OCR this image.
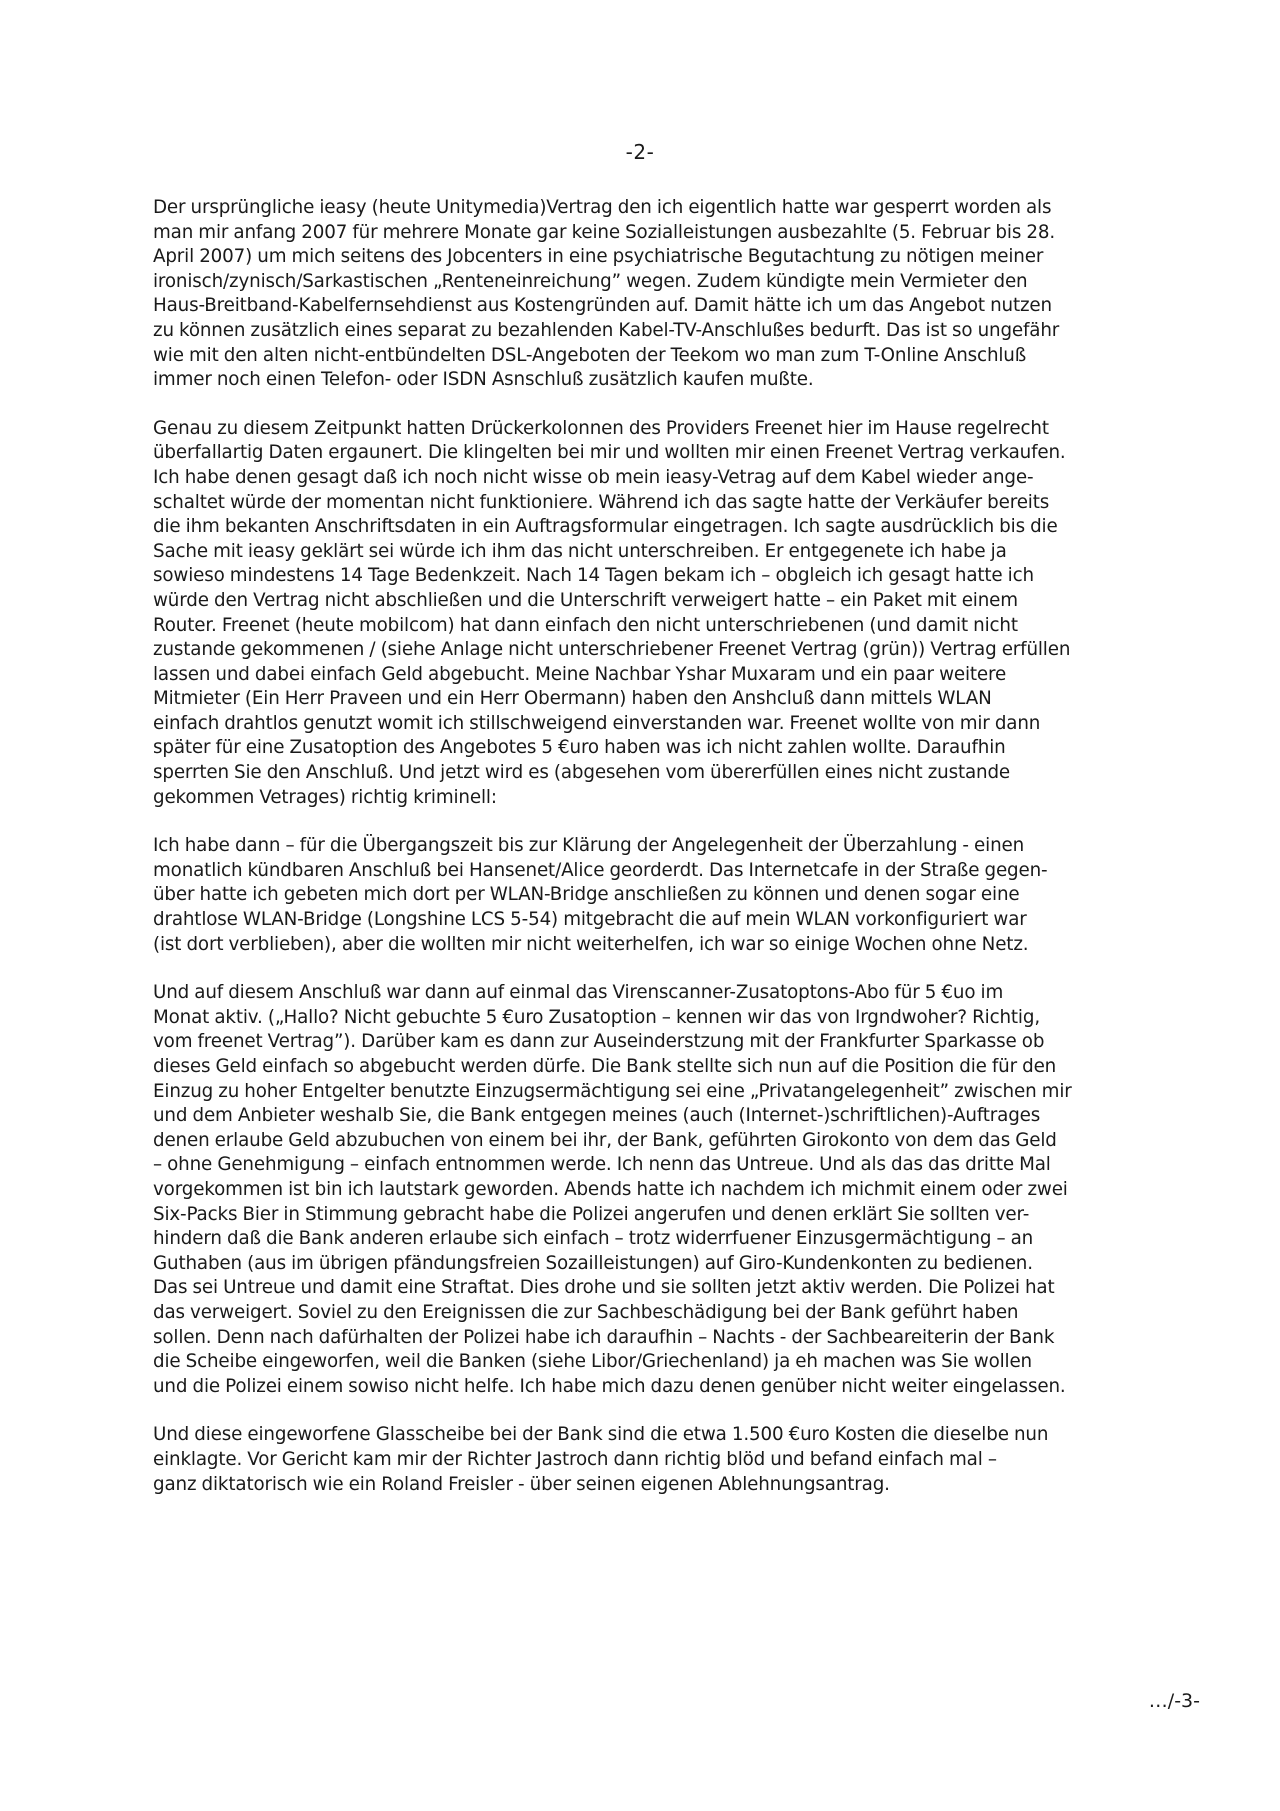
-2-

Der ursprüngliche ieasy (heute Unitymedia)Vertrag den ich eigentlich hatte war gesperrt worden als
man mir anfang 2007 für mehrere Monate gar keine Sozialleistungen ausbezahlte (5. Februar bis 28.
April 2007) um mich seitens des Jobcenters in eine psychiatrische Begutachtung zu nötigen meiner
ironisch/zynisch/Sarkastischen „Renteneinreichung” wegen. Zudem kündigte mein Vermieter den
Haus-Breitband-Kabelfernsehdienst aus Kostengründen auf. Damit hätte ich um das Angebot nutzen
zu können zusätzlich eines separat zu bezahlenden Kabel-TV-Anschlußes bedurft. Das ist so ungefähr
wie mit den alten nicht-entbündelten DSL-Angeboten der Teekom wo man zum T-Online Anschluß
immer noch einen Telefon- oder ISDN Asnschluß zusätzlich kaufen mußte.

Genau zu diesem Zeitpunkt hatten Drückerkolonnen des Providers Freenet hier im Hause regelrecht
überfallartig Daten ergaunert. Die klingelten bei mir und wollten mir einen Freenet Vertrag verkaufen.
Ich habe denen gesagt daß ich noch nicht wisse ob mein ieasy-Vetrag auf dem Kabel wieder ange-
schaltet würde der momentan nicht funktioniere. Während ich das sagte hatte der Verkäufer bereits
die ihm bekanten Anschriftsdaten in ein Auftragsformular eingetragen. Ich sagte ausdrücklich bis die
Sache mit ieasy geklärt sei würde ich ihm das nicht unterschreiben. Er entgegenete ich habe ja
sowieso mindestens 14 Tage Bedenkzeit. Nach 14 Tagen bekam ich – obgleich ich gesagt hatte ich
würde den Vertrag nicht abschließen und die Unterschrift verweigert hatte – ein Paket mit einem
Router. Freenet (heute mobilcom) hat dann einfach den nicht unterschriebenen (und damit nicht
zustande gekommenen / (siehe Anlage nicht unterschriebener Freenet Vertrag (grün)) Vertrag erfüllen
lassen und dabei einfach Geld abgebucht. Meine Nachbar Yshar Muxaram und ein paar weitere
Mitmieter (Ein Herr Praveen und ein Herr Obermann) haben den Anshcluß dann mittels WLAN
einfach drahtlos genutzt womit ich stillschweigend einverstanden war. Freenet wollte von mir dann
später für eine Zusatoption des Angebotes 5 €uro haben was ich nicht zahlen wollte. Daraufhin
sperrten Sie den Anschluß. Und jetzt wird es (abgesehen vom übererfüllen eines nicht zustande
gekommen Vetrages) richtig kriminell:

Ich habe dann – für die Übergangszeit bis zur Klärung der Angelegenheit der Überzahlung - einen
monatlich kündbaren Anschluß bei Hansenet/Alice georderdt. Das Internetcafe in der Straße gegen-
über hatte ich gebeten mich dort per WLAN-Bridge anschließen zu können und denen sogar eine
drahtlose WLAN-Bridge (Longshine LCS 5-54) mitgebracht die auf mein WLAN vorkonfiguriert war
(ist dort verblieben), aber die wollten mir nicht weiterhelfen, ich war so einige Wochen ohne Netz.

Und auf diesem Anschluß war dann auf einmal das Virenscanner-Zusatoptons-Abo für 5 €uo im
Monat aktiv. („Hallo? Nicht gebuchte 5 €uro Zusatoption – kennen wir das von Irgndwoher? Richtig,
vom freenet Vertrag”). Darüber kam es dann zur Auseinderstzung mit der Frankfurter Sparkasse ob
dieses Geld einfach so abgebucht werden dürfe. Die Bank stellte sich nun auf die Position die für den
Einzug zu hoher Entgelter benutzte Einzugsermächtigung sei eine „Privatangelegenheit” zwischen mir
und dem Anbieter weshalb Sie, die Bank entgegen meines (auch (Internet-)schriftlichen)-Auftrages
denen erlaube Geld abzubuchen von einem bei ihr, der Bank, geführten Girokonto von dem das Geld
– ohne Genehmigung – einfach entnommen werde. Ich nenn das Untreue. Und als das das dritte Mal
vorgekommen ist bin ich lautstark geworden. Abends hatte ich nachdem ich michmit einem oder zwei
Six-Packs Bier in Stimmung gebracht habe die Polizei angerufen und denen erklärt Sie sollten ver-
hindern daß die Bank anderen erlaube sich einfach – trotz widerrfuener Einzusgermächtigung – an
Guthaben (aus im übrigen pfändungsfreien Sozailleistungen) auf Giro-Kundenkonten zu bedienen.
Das sei Untreue und damit eine Straftat. Dies drohe und sie sollten jetzt aktiv werden. Die Polizei hat
das verweigert. Soviel zu den Ereignissen die zur Sachbeschädigung bei der Bank geführt haben
sollen. Denn nach dafürhalten der Polizei habe ich daraufhin – Nachts - der Sachbeareiterin der Bank
die Scheibe eingeworfen, weil die Banken (siehe Libor/Griechenland) ja eh machen was Sie wollen
und die Polizei einem sowiso nicht helfe. Ich habe mich dazu denen genüber nicht weiter eingelassen.

Und diese eingeworfene Glasscheibe bei der Bank sind die etwa 1.500 €uro Kosten die dieselbe nun
einklagte. Vor Gericht kam mir der Richter Jastroch dann richtig blöd und befand einfach mal –
ganz diktatorisch wie ein Roland Freisler - über seinen eigenen Ablehnungsantrag.

…/-3-
